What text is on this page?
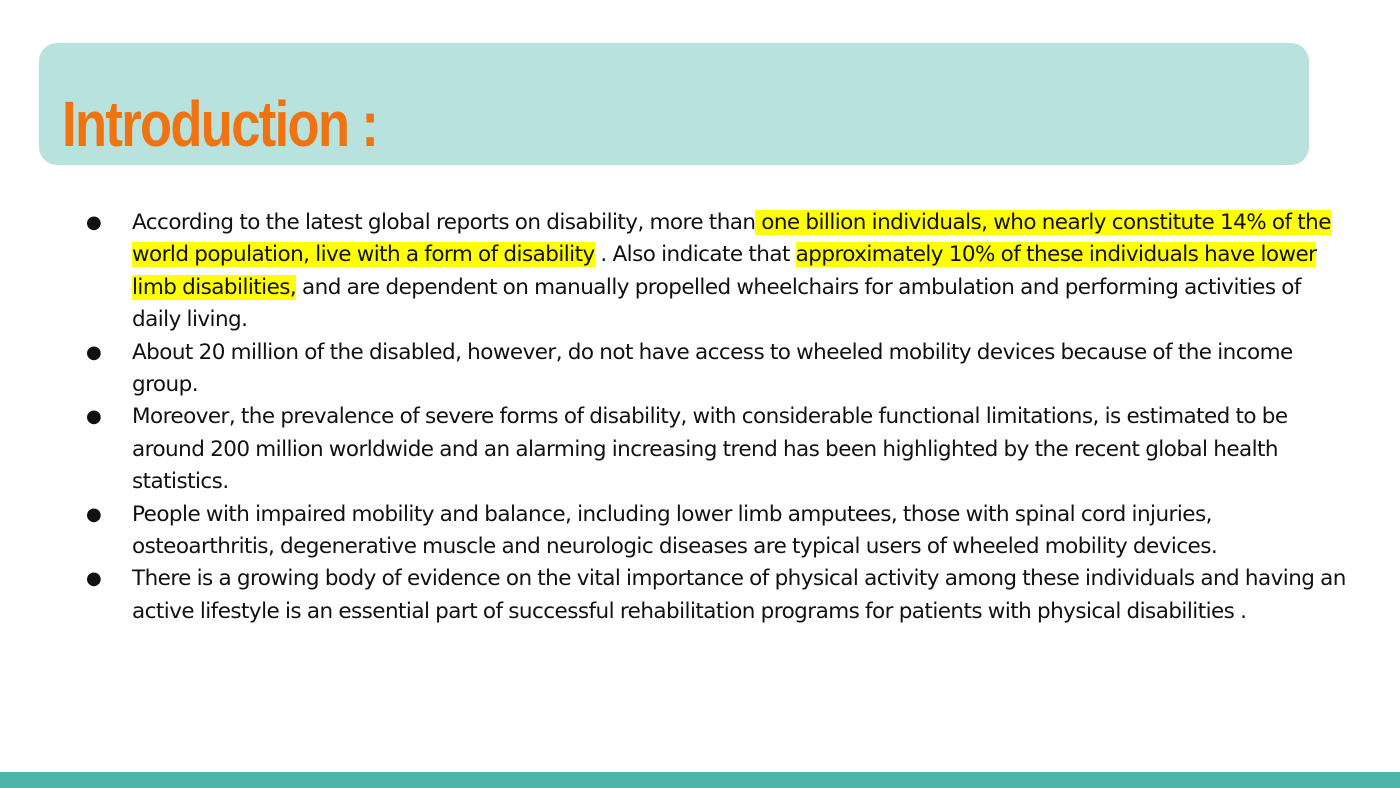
Introduction :
● According to the latest global reports on disability, more than one billion individuals, who nearly constitute 14% of the world population, live with a form of disability . Also indicate that approximately 10% of these individuals have lower limb disabilities, and are dependent on manually propelled wheelchairs for ambulation and performing activities of daily living.
● About 20 million of the disabled, however, do not have access to wheeled mobility devices because of the income group.
● Moreover, the prevalence of severe forms of disability, with considerable functional limitations, is estimated to be around 200 million worldwide and an alarming increasing trend has been highlighted by the recent global health statistics.
● People with impaired mobility and balance, including lower limb amputees, those with spinal cord injuries, osteoarthritis, degenerative muscle and neurologic diseases are typical users of wheeled mobility devices.
● There is a growing body of evidence on the vital importance of physical activity among these individuals and having an active lifestyle is an essential part of successful rehabilitation programs for patients with physical disabilities .
